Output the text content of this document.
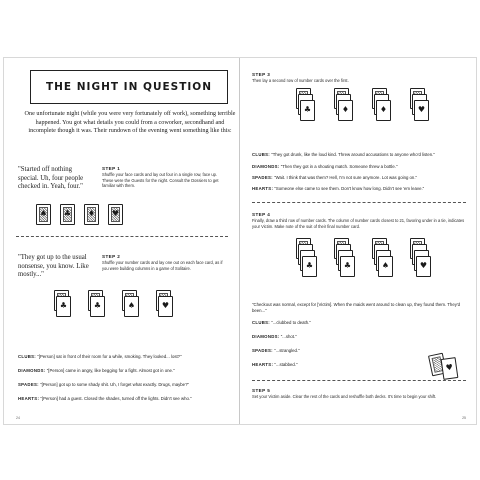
THE NIGHT IN QUESTION

One unfortunate night (while you were very fortunately off work), something terrible happened. You got what details you could from a coworker, secondhand and incomplete though it was. Their rundown of the evening went something like this:

"Started off nothing special. Uh, four people checked in. Yeah, four."

STEP 1

Shuffle your face cards and lay out four in a single row, face up. These were the Guests for the night. Consult the Dossiers to get familiar with them.

♠	♣	♦	♥

"They got up to the usual nonsense, you know. Like mostly..."

STEP 2

Shuffle your number cards and lay one out on each face card, as if you were building columns in a game of Solitaire.

♣	♣	♠	♥

CLUBS: "[Person] sat in front of their room for a while, smoking. They looked... lost?"

DIAMONDS: "[Person] came in angry, like begging for a fight. Almost got in one."

SPADES: "[Person] got up to some shady shit. Uh, I forget what exactly. Drugs, maybe?"

HEARTS: "[Person] had a guest. Closed the shades, turned off the lights. Didn't see who."

24
STEP 3

Then lay a second row of number cards over the first.

♣	♦	♦	♥

CLUBS: "They got drunk, like the loud kind. Threw around accusations to anyone who'd listen."

DIAMONDS: "Then they got in a shouting match. Someone threw a bottle."

SPADES: "Wait. I think that was them? Hell, I'm not sure anymore. Lot was going on."

HEARTS: "Someone else came to see them. Don't know how long. Didn't see 'em leave."

STEP 4

Finally, draw a third row of number cards. The column of number cards closest to 21, favoring under in a tie, indicates your Victim. Make note of the suit of their final number card.

♣	♣	♠	♥

"Checkout was normal, except for [Victim]. When the maids went around to clean up, they found them. They'd been..."

CLUBS: "...clubbed to death."

DIAMONDS: "...shot."

SPADES: "...strangled."

HEARTS: "...stabbed."	♥
STEP 5

Set your Victim aside. Clear the rest of the cards and reshuffle both decks. It's time to begin your shift.

25
